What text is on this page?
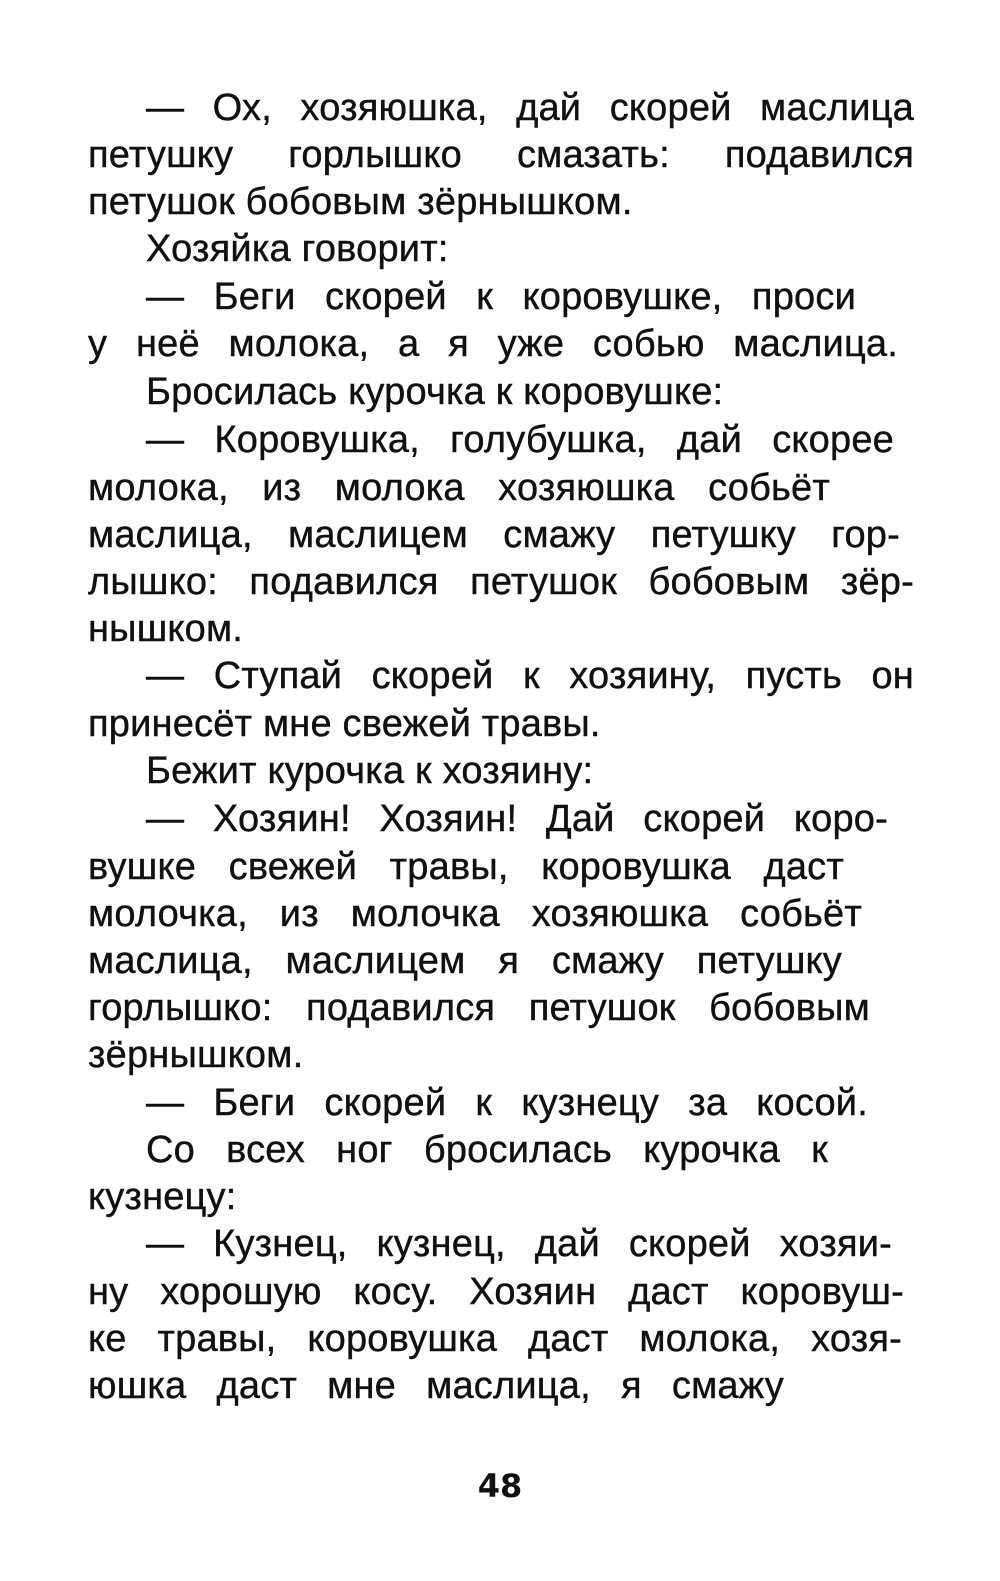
— Ох, хозяюшка, дай скорей маслица
петушку горлышко смазать: подавился
петушок бобовым зёрнышком.
Хозяйка говорит:
— Беги скорей к коровушке, проси
у неё молока, а я уже собью маслица.
Бросилась курочка к коровушке:
— Коровушка, голубушка, дай скорее
молока, из молока хозяюшка собьёт
маслица, маслицем смажу петушку гор-
лышко: подавился петушок бобовым зёр-
нышком.
— Ступай скорей к хозяину, пусть он
принесёт мне свежей травы.
Бежит курочка к хозяину:
— Хозяин! Хозяин! Дай скорей коро-
вушке свежей травы, коровушка даст
молочка, из молочка хозяюшка собьёт
маслица, маслицем я смажу петушку
горлышко: подавился петушок бобовым
зёрнышком.
— Беги скорей к кузнецу за косой.
Со всех ног бросилась курочка к
кузнецу:
— Кузнец, кузнец, дай скорей хозяи-
ну хорошую косу. Хозяин даст коровуш-
ке травы, коровушка даст молока, хозя-
юшка даст мне маслица, я смажу
48
